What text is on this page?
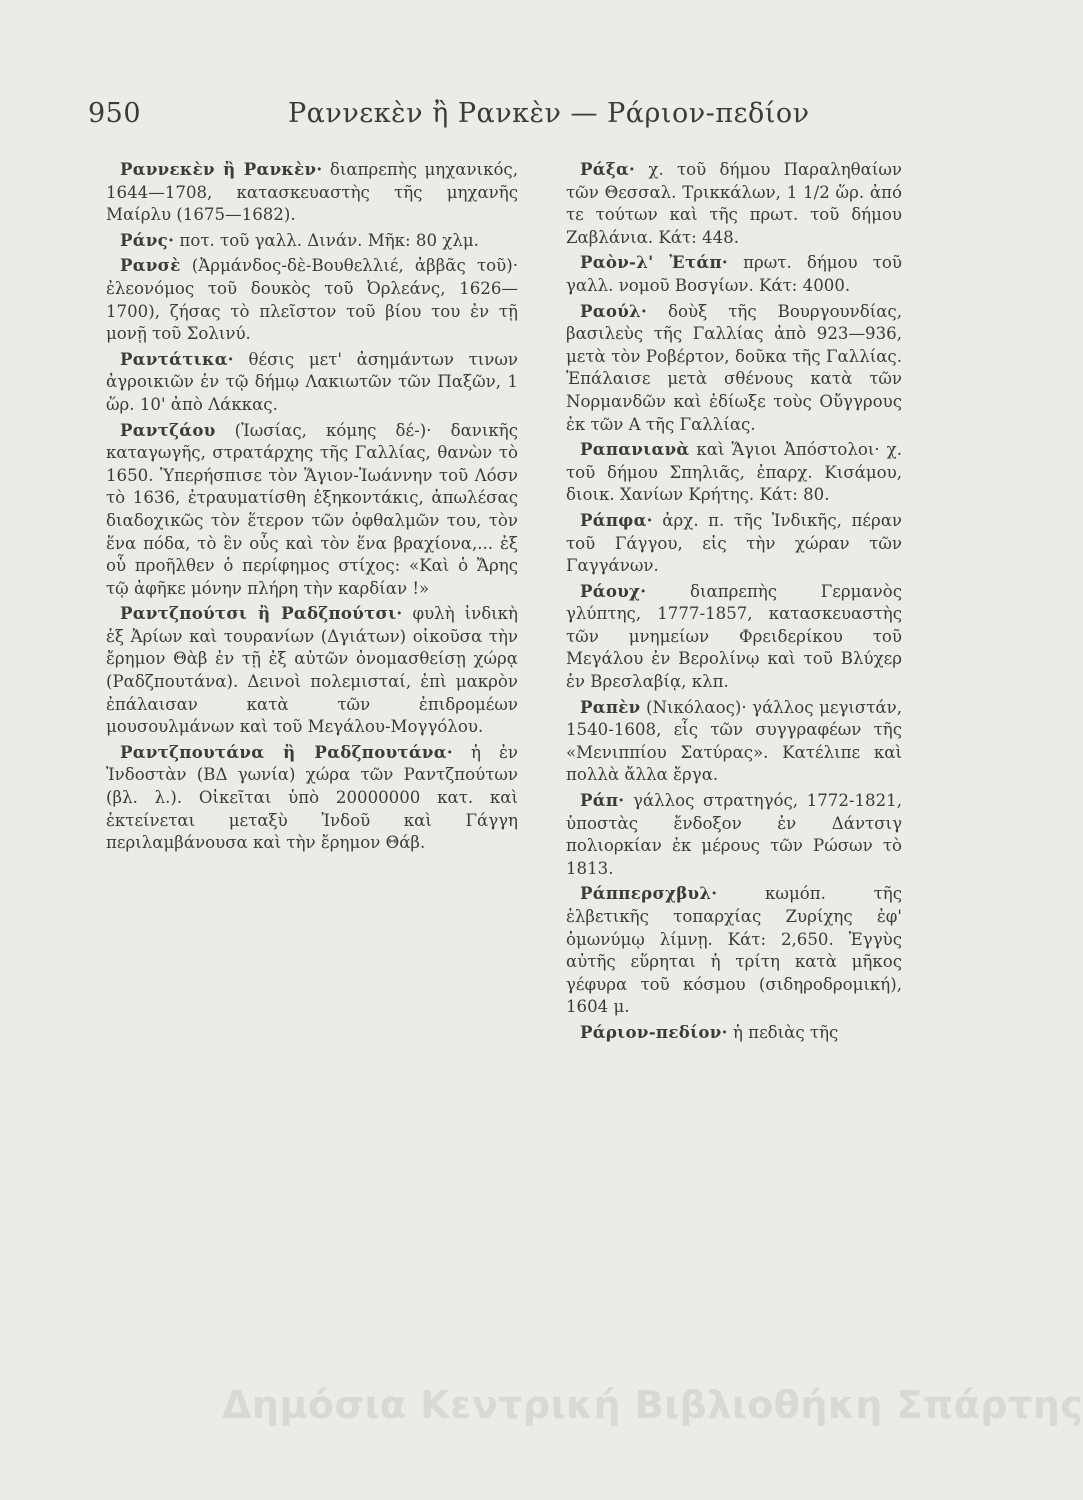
950	Ραννεκὲν ἢ Ρανκὲν — Ράριον-πεδίον

Ραννεκὲν ἢ Ρανκὲν· διαπρεπὴς μηχανικός, 1644—1708, κατασκευαστὴς τῆς μηχανῆς Μαίρλυ (1675—1682).

Ράνς· ποτ. τοῦ γαλλ. Δινάν. Μῆκ: 80 χλμ.

Ρανσὲ (Ἀρμάνδος-δὲ-Βουθελλιέ, ἀββᾶς τοῦ)· ἐλεονόμος τοῦ δουκὸς τοῦ Ὀρλεάνς, 1626—1700), ζήσας τὸ πλεῖστον τοῦ βίου του ἐν τῇ μονῇ τοῦ Σολινύ.

Ραντάτικα· θέσις μετ' ἀσημάντων τινων ἀγροικιῶν ἐν τῷ δήμῳ Λακιωτῶν τῶν Παξῶν, 1 ὥρ. 10' ἀπὸ Λάκκας.

Ραντζάου (Ἰωσίας, κόμης δέ-)· δανικῆς καταγωγῆς, στρατάρχης τῆς Γαλλίας, θανὼν τὸ 1650. Ὑπερήσπισε τὸν Ἅγιον-Ἰωάννην τοῦ Λόσν τὸ 1636, ἐτραυματίσθη ἑξηκοντάκις, ἀπωλέσας διαδοχικῶς τὸν ἕτερον τῶν ὀφθαλμῶν του, τὸν ἕνα πόδα, τὸ ἓν οὖς καὶ τὸν ἕνα βραχίονα,... ἐξ οὗ προῆλθεν ὁ περίφημος στίχος: «Καὶ ὁ Ἄρης τῷ ἀφῆκε μόνην πλήρη τὴν καρδίαν !»

Ραντζπούτσι ἢ Ραδζπούτσι· φυλὴ ἰνδικὴ ἐξ Ἀρίων καὶ τουρανίων (Δγιάτων) οἰκοῦσα τὴν ἔρημον Θὰβ ἐν τῇ ἐξ αὐτῶν ὀνομασθείσῃ χώρᾳ (Ραδζπουτάνα). Δεινοὶ πολεμισταί, ἐπὶ μακρὸν ἐπάλαισαν κατὰ τῶν ἐπιδρομέων μουσουλμάνων καὶ τοῦ Μεγάλου-Μογγόλου.

Ραντζπουτάνα ἢ Ραδζπουτάνα· ἡ ἐν Ἰνδοστὰν (ΒΔ γωνία) χώρα τῶν Ραντζπούτων (βλ. λ.). Οἰκεῖται ὑπὸ 20000000 κατ. καὶ ἐκτείνεται μεταξὺ Ἰνδοῦ καὶ Γάγγη περιλαμβάνουσα καὶ τὴν ἔρημον Θάβ.

Ράξα· χ. τοῦ δήμου Παραληθαίων τῶν Θεσσαλ. Τρικκάλων, 1 1/2 ὥρ. ἀπό τε τούτων καὶ τῆς πρωτ. τοῦ δήμου Ζαβλάνια. Κάτ: 448.

Ραὸν-λ' Ἐτάπ· πρωτ. δήμου τοῦ γαλλ. νομοῦ Βοσγίων. Κάτ: 4000.

Ραούλ· δοὺξ τῆς Βουργουνδίας, βασιλεὺς τῆς Γαλλίας ἀπὸ 923—936, μετὰ τὸν Ροβέρτον, δοῦκα τῆς Γαλλίας. Ἐπάλαισε μετὰ σθένους κατὰ τῶν Νορμανδῶν καὶ ἐδίωξε τοὺς Οὔγγρους ἐκ τῶν Α τῆς Γαλλίας.

Ραπανιανὰ καὶ Ἅγιοι Ἀπόστολοι· χ. τοῦ δήμου Σπηλιᾶς, ἐπαρχ. Κισάμου, διοικ. Χανίων Κρήτης. Κάτ: 80.

Ράπφα· ἀρχ. π. τῆς Ἰνδικῆς, πέραν τοῦ Γάγγου, εἰς τὴν χώραν τῶν Γαγγάνων.

Ράουχ· διαπρεπὴς Γερμανὸς γλύπτης, 1777-1857, κατασκευαστὴς τῶν μνημείων Φρειδερίκου τοῦ Μεγάλου ἐν Βερολίνῳ καὶ τοῦ Βλύχερ ἐν Βρεσλαβίᾳ, κλπ.

Ραπὲν (Νικόλαος)· γάλλος μεγιστάν, 1540-1608, εἷς τῶν συγγραφέων τῆς «Μενιππίου Σατύρας». Κατέλιπε καὶ πολλὰ ἄλλα ἔργα.

Ράπ· γάλλος στρατηγός, 1772-1821, ὑποστὰς ἔνδοξον ἐν Δάντσιγ πολιορκίαν ἐκ μέρους τῶν Ρώσων τὸ 1813.

Ράππερσχβυλ· κωμόπ. τῆς ἑλβετικῆς τοπαρχίας Ζυρίχης ἐφ' ὁμωνύμῳ λίμνῃ. Κάτ: 2,650. Ἐγγὺς αὐτῆς εὕρηται ἡ τρίτη κατὰ μῆκος γέφυρα τοῦ κόσμου (σιδηροδρομική), 1604 μ.

Ράριον-πεδίον· ἡ πεδιὰς τῆς

Δημόσια Κεντρική Βιβλιοθήκη Σπάρτης
